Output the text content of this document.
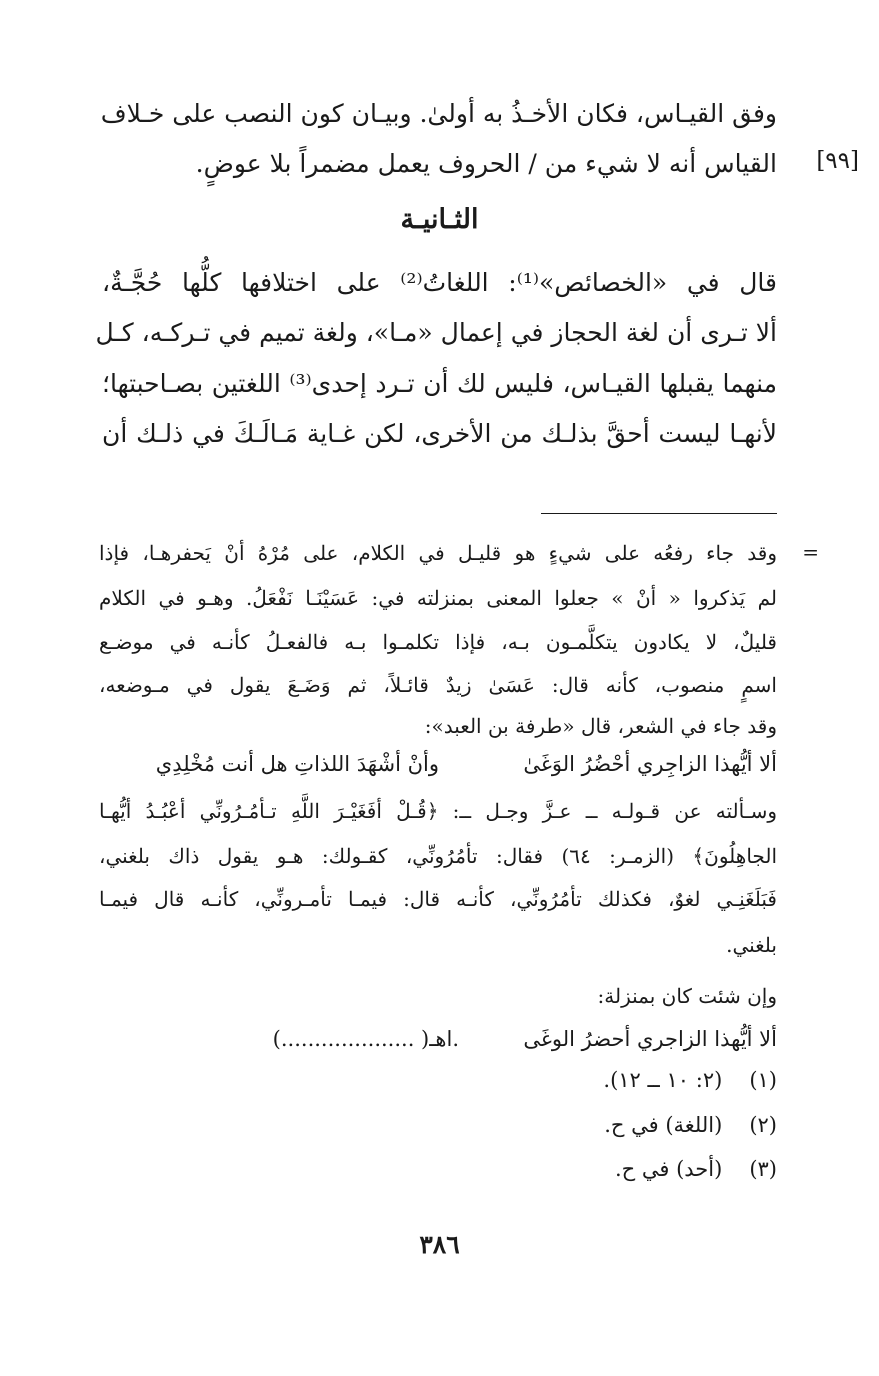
وفق القيـاس، فكان الأخـذُ به أولىٰ. وبيـان كون النصب على خـلاف
القياس أنه لا شيء من / الحروف يعمل مضمراً بلا عوضٍ. [٩٩]
الثـانيـة
قال في «الخصائص»⁽¹⁾: اللغاتُ⁽²⁾ على اختلافها كلُّها حُجَّـةٌ،
ألا تـرى أن لغة الحجاز في إعمال «مـا»، ولغة تميم في تـركـه، كـل
منهما يقبلها القيـاس، فليس لك أن تـرد إحدى⁽³⁾ اللغتين بصـاحبتها؛
لأنهـا ليست أحقَّ بذلـك من الأخرى، لكن غـاية مَـالَـكَ في ذلـك أن
=
وقد جاء رفعُه على شيءٍ هو قليـل في الكلام، على مُرْهُ أنْ يَحفرهـا، فإذا
لم يَذكروا « أنْ » جعلوا المعنى بمنزلته في: عَسَيْنَـا نَفْعَلُ. وهـو في الكلام
قليلٌ، لا يكادون يتكلَّمـون بـه، فإذا تكلمـوا بـه فالفعـلُ كأنـه في موضـع
اسمٍ منصوب، كأنه قال: عَسَىٰ زيدٌ قائـلاً، ثم وَضَـعَ يقول في مـوضعه،
وقد جاء في الشعر، قال «طرفة بن العبد»:
ألا أيُّهذا الزاجِري أحْضُرُ الوَغَىٰ
وأنْ أشْهَدَ اللذاتِ هل أنت مُخْلِدِي
وسـألته عن قـولـه ــ عـزَّ وجـل ــ: ﴿قُـلْ أفَغَيْـرَ اللَّهِ تـأمُـرُونِّي أعْبُـدُ أيُّهـا
الجاهِلُونَ﴾ (الزمـر: ٦٤) فقال: تأمُرُونِّي، كقـولك: هـو يقول ذاك بلغني،
فَبَلَغَنِـي لغوٌ، فكذلك تأمُرُونِّي، كأنـه قال: فيمـا تأمـرونِّي، كأنـه قال فيمـا
بلغني.
وإن شئت كان بمنزلة:
ألا أيُّهذا الزاجري أحضرُ الوغَى
(.................... )اهـ.
(١) (٢: ١٠ ــ ١٢).
(٢) (اللغة) في ح.
(٣) (أحد) في ح.
٣٨٦
